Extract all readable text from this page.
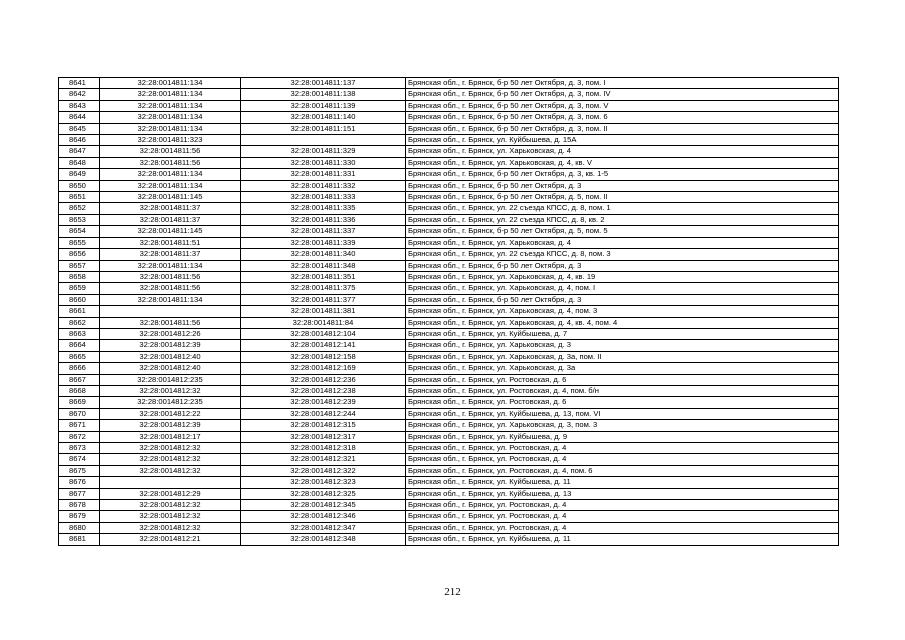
8641	32:28:0014811:134	32:28:0014811:137	Брянская обл., г. Брянск, б-р 50 лет Октября, д. 3, пом. I
8642	32:28:0014811:134	32:28:0014811:138	Брянская обл., г. Брянск, б-р 50 лет Октября, д. 3, пом. IV
8643	32:28:0014811:134	32:28:0014811:139	Брянская обл., г. Брянск, б-р 50 лет Октября, д. 3, пом. V
8644	32:28:0014811:134	32:28:0014811:140	Брянская обл., г. Брянск, б-р 50 лет Октября, д. 3, пом. 6
8645	32:28:0014811:134	32:28:0014811:151	Брянская обл., г. Брянск, б-р 50 лет Октября, д. 3, пом. II
8646	32:28:0014811:323		Брянская обл., г. Брянск, ул. Куйбышева, д. 15А
8647	32:28:0014811:56	32:28:0014811:329	Брянская обл., г. Брянск, ул. Харьковская, д. 4
8648	32:28:0014811:56	32:28:0014811:330	Брянская обл., г. Брянск, ул. Харьковская, д. 4, кв. V
8649	32:28:0014811:134	32:28:0014811:331	Брянская обл., г. Брянск, б-р 50 лет Октября, д. 3, кв. 1-5
8650	32:28:0014811:134	32:28:0014811:332	Брянская обл., г. Брянск, б-р 50 лет Октября, д. 3
8651	32:28:0014811:145	32:28:0014811:333	Брянская обл., г. Брянск, б-р 50 лет Октября, д. 5, пом. II
8652	32:28:0014811:37	32:28:0014811:335	Брянская обл., г. Брянск, ул. 22 съезда КПСС, д. 8, пом. 1
8653	32:28:0014811:37	32:28:0014811:336	Брянская обл., г. Брянск, ул. 22 съезда КПСС, д. 8, кв. 2
8654	32:28:0014811:145	32:28:0014811:337	Брянская обл., г. Брянск, б-р 50 лет Октября, д. 5, пом. 5
8655	32:28:0014811:51	32:28:0014811:339	Брянская обл., г. Брянск, ул. Харьковская, д. 4
8656	32:28:0014811:37	32:28:0014811:340	Брянская обл., г. Брянск, ул. 22 съезда КПСС, д. 8, пом. 3
8657	32:28:0014811:134	32:28:0014811:348	Брянская обл., г. Брянск, б-р 50 лет Октября, д. 3
8658	32:28:0014811:56	32:28:0014811:351	Брянская обл., г. Брянск, ул. Харьковская, д. 4, кв. 19
8659	32:28:0014811:56	32:28:0014811:375	Брянская обл., г. Брянск, ул. Харьковская, д. 4, пом. I
8660	32:28:0014811:134	32:28:0014811:377	Брянская обл., г. Брянск, б-р 50 лет Октября, д. 3
8661		32:28:0014811:381	Брянская обл., г. Брянск, ул. Харьковская, д. 4, пом. 3
8662	32:28:0014811:56	32:28:0014811:84	Брянская обл., г. Брянск, ул. Харьковская, д. 4, кв. 4, пом. 4
8663	32:28:0014812:26	32:28:0014812:104	Брянская обл., г. Брянск, ул. Куйбышева, д. 7
8664	32:28:0014812:39	32:28:0014812:141	Брянская обл., г. Брянск, ул. Харьковская, д. 3
8665	32:28:0014812:40	32:28:0014812:158	Брянская обл., г. Брянск, ул. Харьковская, д. 3а, пом. II
8666	32:28:0014812:40	32:28:0014812:169	Брянская обл., г. Брянск, ул. Харьковская, д. 3а
8667	32:28:0014812:235	32:28:0014812:236	Брянская обл., г. Брянск, ул. Ростовская, д. 6
8668	32:28:0014812:32	32:28:0014812:238	Брянская обл., г. Брянск, ул. Ростовская, д. 4, пом. б/н
8669	32:28:0014812:235	32:28:0014812:239	Брянская обл., г. Брянск, ул. Ростовская, д. 6
8670	32:28:0014812:22	32:28:0014812:244	Брянская обл., г. Брянск, ул. Куйбышева, д. 13, пом. VI
8671	32:28:0014812:39	32:28:0014812:315	Брянская обл., г. Брянск, ул. Харьковская, д. 3, пом. 3
8672	32:28:0014812:17	32:28:0014812:317	Брянская обл., г. Брянск, ул. Куйбышева, д. 9
8673	32:28:0014812:32	32:28:0014812:318	Брянская обл., г. Брянск, ул. Ростовская, д. 4
8674	32:28:0014812:32	32:28:0014812:321	Брянская обл., г. Брянск, ул. Ростовская, д. 4
8675	32:28:0014812:32	32:28:0014812:322	Брянская обл., г. Брянск, ул. Ростовская, д. 4, пом. 6
8676		32:28:0014812:323	Брянская обл., г. Брянск, ул. Куйбышева, д. 11
8677	32:28:0014812:29	32:28:0014812:325	Брянская обл., г. Брянск, ул. Куйбышева, д. 13
8678	32:28:0014812:32	32:28:0014812:345	Брянская обл., г. Брянск, ул. Ростовская, д. 4
8679	32:28:0014812:32	32:28:0014812:346	Брянская обл., г. Брянск, ул. Ростовская, д. 4
8680	32:28:0014812:32	32:28:0014812:347	Брянская обл., г. Брянск, ул. Ростовская, д. 4
8681	32:28:0014812:21	32:28:0014812:348	Брянская обл., г. Брянск, ул. Куйбышева, д. 11
212
